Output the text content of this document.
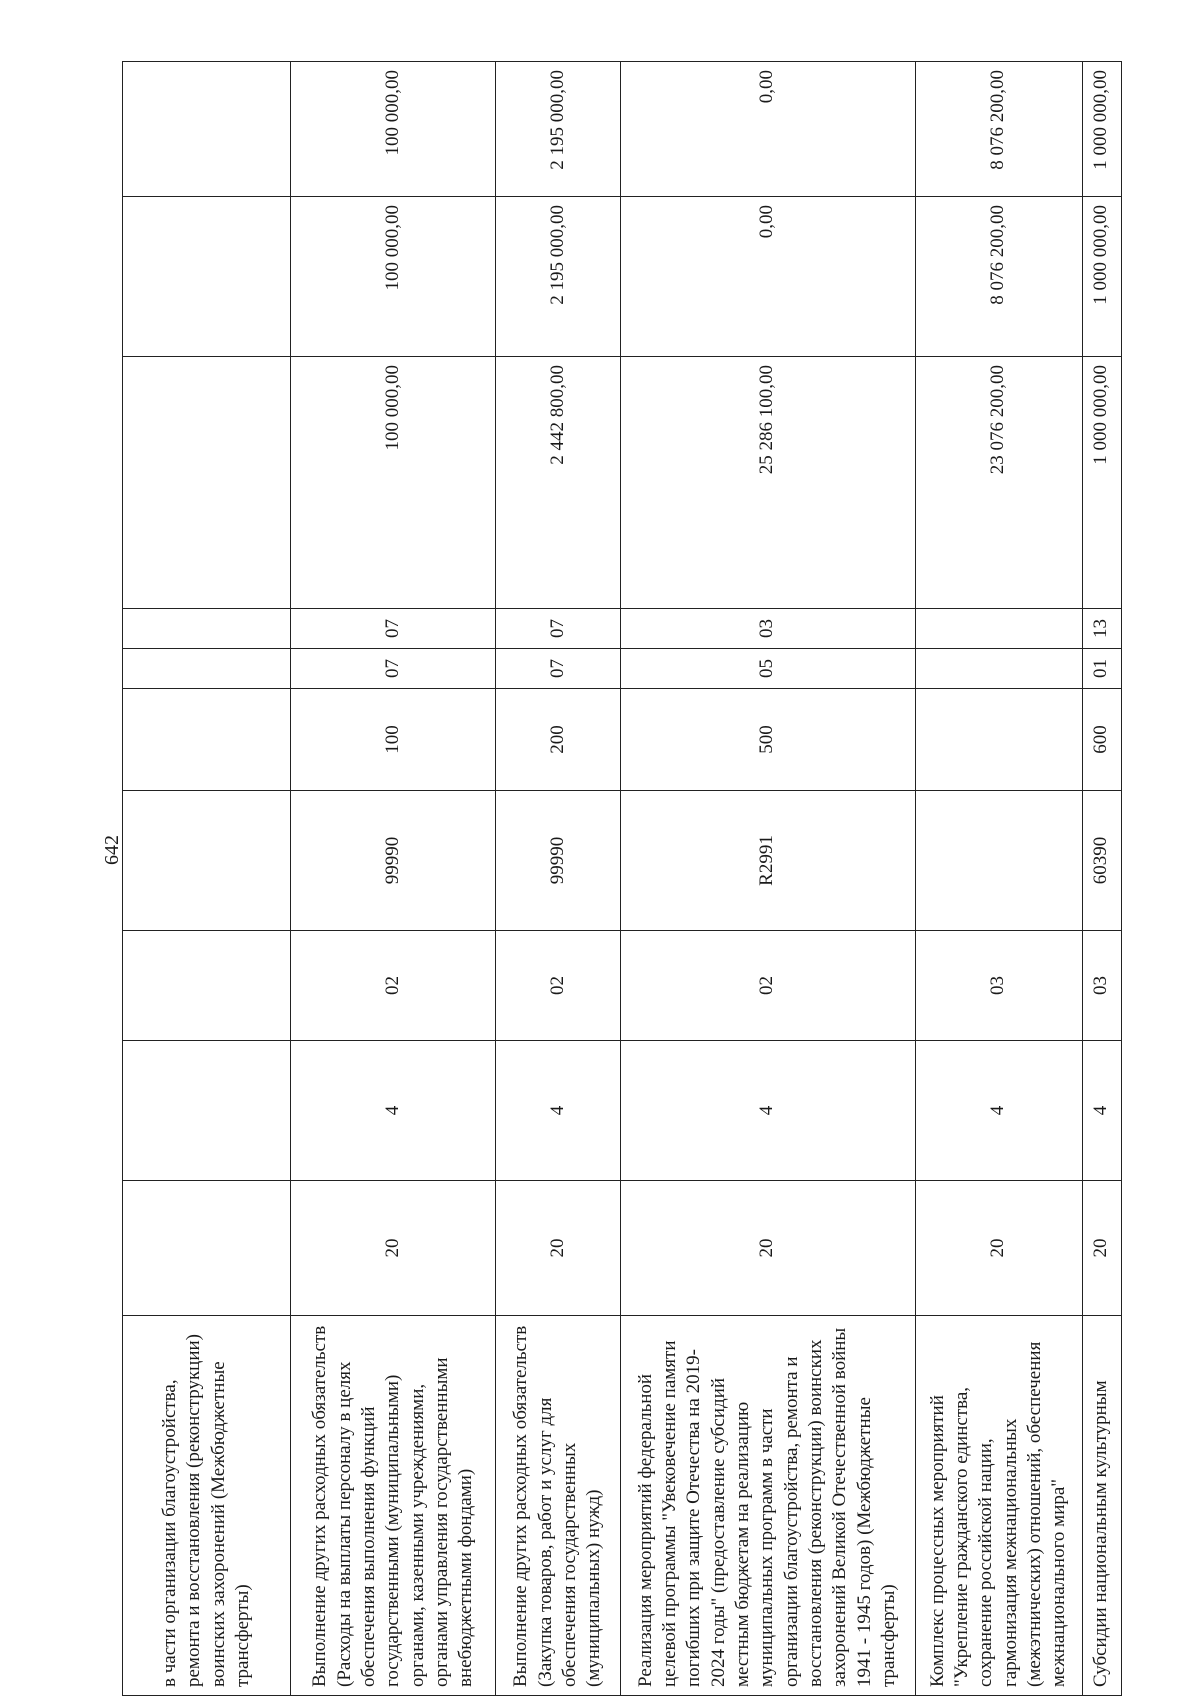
642
в части организации благоустройства, ремонта и восстановления (реконструкции) воинских захоронений (Межбюджетные трансферты)										
Выполнение других расходных обязательств (Расходы на выплаты персоналу в целях обеспечения выполнения функций государственными (муниципальными) органами, казенными учреждениями, органами управления государственными внебюджетными фондами)	20	4	02	99990	100	07	07	100 000,00	100 000,00	100 000,00
Выполнение других расходных обязательств (Закупка товаров, работ и услуг для обеспечения государственных (муниципальных) нужд)	20	4	02	99990	200	07	07	2 442 800,00	2 195 000,00	2 195 000,00
Реализация мероприятий федеральной целевой программы "Увековечение памяти погибших при защите Отечества на 2019-2024 годы" (предоставление субсидий местным бюджетам на реализацию муниципальных программ в части организации благоустройства, ремонта и восстановления (реконструкции) воинских захоронений Великой Отечественной войны 1941 - 1945 годов) (Межбюджетные трансферты)	20	4	02	R2991	500	05	03	25 286 100,00	0,00	0,00
Комплекс процессных мероприятий "Укрепление гражданского единства, сохранение российской нации, гармонизация межнациональных (межэтнических) отношений, обеспечения межнационального мира"	20	4	03					23 076 200,00	8 076 200,00	8 076 200,00
Субсидии национальным культурным	20	4	03	60390	600	01	13	1 000 000,00	1 000 000,00	1 000 000,00
